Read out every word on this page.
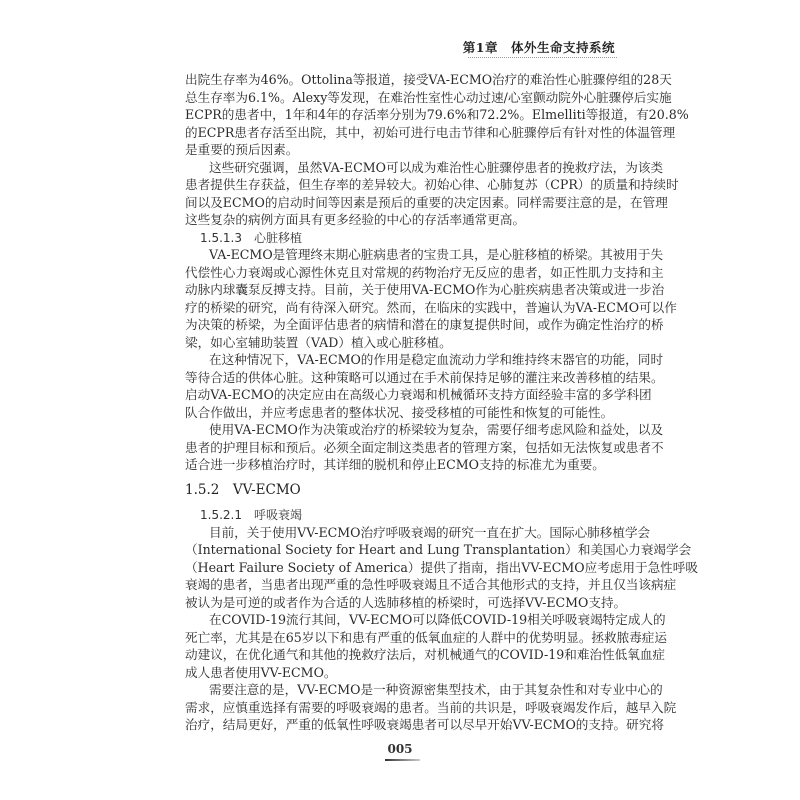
第1章　体外生命支持系统
出院生存率为46%。Ottolina等报道，接受VA-ECMO治疗的难治性心脏骤停组的28天
总生存率为6.1%。Alexy等发现，在难治性室性心动过速/心室颤动院外心脏骤停后实施
ECPR的患者中，1年和4年的存活率分别为79.6%和72.2%。Elmelliti等报道，有20.8%
的ECPR患者存活至出院，其中，初始可进行电击节律和心脏骤停后有针对性的体温管理
是重要的预后因素。
这些研究强调，虽然VA-ECMO可以成为难治性心脏骤停患者的挽救疗法，为该类
患者提供生存获益，但生存率的差异较大。初始心律、心肺复苏（CPR）的质量和持续时
间以及ECMO的启动时间等因素是预后的重要的决定因素。同样需要注意的是，在管理
这些复杂的病例方面具有更多经验的中心的存活率通常更高。
1.5.1.3　心脏移植
VA-ECMO是管理终末期心脏病患者的宝贵工具，是心脏移植的桥梁。其被用于失
代偿性心力衰竭或心源性休克且对常规的药物治疗无反应的患者，如正性肌力支持和主
动脉内球囊泵反搏支持。目前，关于使用VA-ECMO作为心脏疾病患者决策或进一步治
疗的桥梁的研究，尚有待深入研究。然而，在临床的实践中，普遍认为VA-ECMO可以作
为决策的桥梁，为全面评估患者的病情和潜在的康复提供时间，或作为确定性治疗的桥
梁，如心室辅助装置（VAD）植入或心脏移植。
在这种情况下，VA-ECMO的作用是稳定血流动力学和维持终末器官的功能，同时
等待合适的供体心脏。这种策略可以通过在手术前保持足够的灌注来改善移植的结果。
启动VA-ECMO的决定应由在高级心力衰竭和机械循环支持方面经验丰富的多学科团
队合作做出，并应考虑患者的整体状况、接受移植的可能性和恢复的可能性。
使用VA-ECMO作为决策或治疗的桥梁较为复杂，需要仔细考虑风险和益处，以及
患者的护理目标和预后。必须全面定制这类患者的管理方案，包括如无法恢复或患者不
适合进一步移植治疗时，其详细的脱机和停止ECMO支持的标准尤为重要。
1.5.2　VV-ECMO
1.5.2.1　呼吸衰竭
目前，关于使用VV-ECMO治疗呼吸衰竭的研究一直在扩大。国际心肺移植学会
（International Society for Heart and Lung Transplantation）和美国心力衰竭学会
（Heart Failure Society of America）提供了指南，指出VV-ECMO应考虑用于急性呼吸
衰竭的患者，当患者出现严重的急性呼吸衰竭且不适合其他形式的支持，并且仅当该病症
被认为是可逆的或者作为合适的人选肺移植的桥梁时，可选择VV-ECMO支持。
在COVID-19流行其间，VV-ECMO可以降低COVID-19相关呼吸衰竭特定成人的
死亡率，尤其是在65岁以下和患有严重的低氧血症的人群中的优势明显。拯救脓毒症运
动建议，在优化通气和其他的挽救疗法后，对机械通气的COVID-19和难治性低氧血症
成人患者使用VV-ECMO。
需要注意的是，VV-ECMO是一种资源密集型技术，由于其复杂性和对专业中心的
需求，应慎重选择有需要的呼吸衰竭的患者。当前的共识是，呼吸衰竭发作后，越早入院
治疗，结局更好，严重的低氧性呼吸衰竭患者可以尽早开始VV-ECMO的支持。研究将
005
